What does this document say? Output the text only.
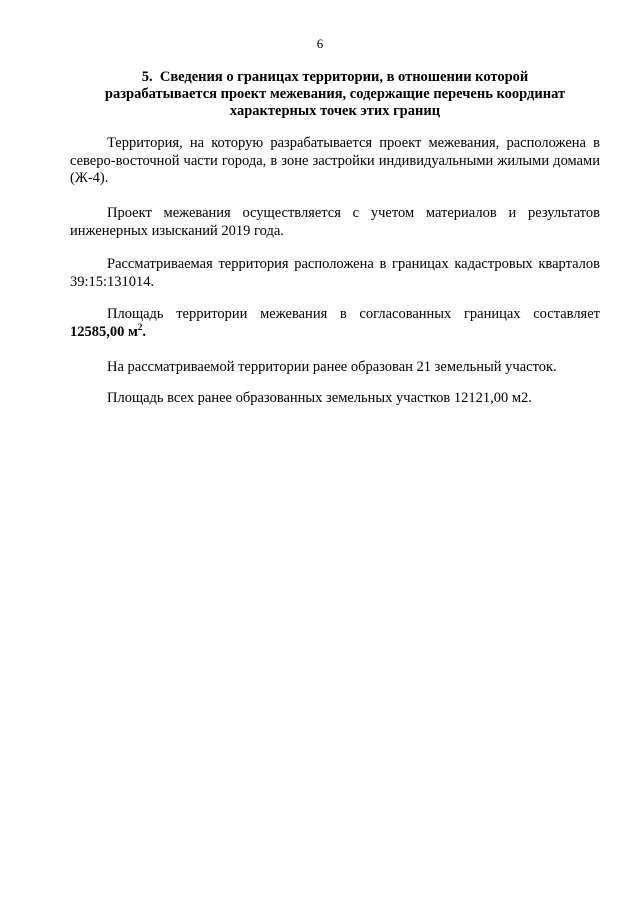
6
5.  Сведения о границах территории, в отношении которой
разрабатывается проект межевания, содержащие перечень координат
характерных точек этих границ

Территория, на которую разрабатывается проект межевания, расположена в северо-восточной части города, в зоне застройки индивидуальными жилыми домами (Ж-4).

Проект межевания осуществляется с учетом материалов и результатов инженерных изысканий 2019 года.

Рассматриваемая территория расположена в границах кадастровых кварталов 39:15:131014.

Площадь территории межевания в согласованных границах составляет 12585,00 $м^2$.

На рассматриваемой территории ранее образован 21 земельный участок.

Площадь всех ранее образованных земельных участков 12121,00 м2.
